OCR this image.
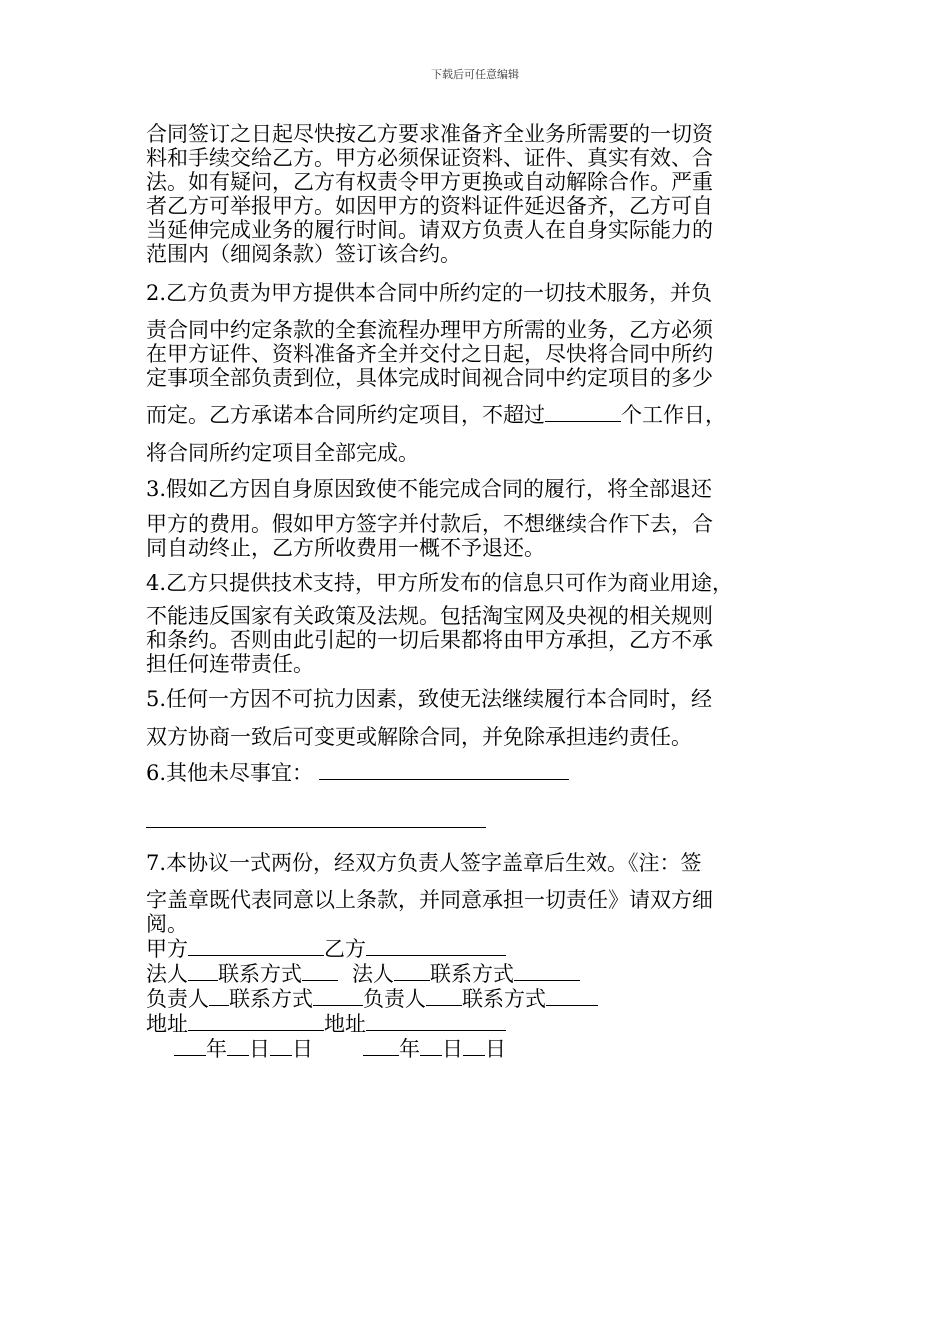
下载后可任意编辑
合同签订之日起尽快按乙方要求准备齐全业务所需要的一切资
料和手续交给乙方。甲方必须保证资料、证件、真实有效、合
法。如有疑问，乙方有权责令甲方更换或自动解除合作。严重
者乙方可举报甲方。如因甲方的资料证件延迟备齐，乙方可自
当延伸完成业务的履行时间。请双方负责人在自身实际能力的
范围内（细阅条款）签订该合约。
2.乙方负责为甲方提供本合同中所约定的一切技术服务，并负
责合同中约定条款的全套流程办理甲方所需的业务，乙方必须
在甲方证件、资料准备齐全并交付之日起，尽快将合同中所约
定事项全部负责到位，具体完成时间视合同中约定项目的多少
而定。乙方承诺本合同所约定项目，不超过	个工作日，
将合同所约定项目全部完成。
3.假如乙方因自身原因致使不能完成合同的履行，将全部退还
甲方的费用。假如甲方签字并付款后，不想继续合作下去，合
同自动终止，乙方所收费用一概不予退还。
4.乙方只提供技术支持，甲方所发布的信息只可作为商业用途，
不能违反国家有关政策及法规。包括淘宝网及央视的相关规则
和条约。否则由此引起的一切后果都将由甲方承担，乙方不承
担任何连带责任。
5.任何一方因不可抗力因素，致使无法继续履行本合同时，经
双方协商一致后可变更或解除合同，并免除承担违约责任。
6.其他未尽事宜：
7.本协议一式两份，经双方负责人签字盖章后生效。《注：签
字盖章既代表同意以上条款，并同意承担一切责任》请双方细
阅。
甲方	乙方
法人 联系方式 法人 联系方式
负责人 联系方式 负责人 联系方式
地址	地址
年 日 日	年 日 日
